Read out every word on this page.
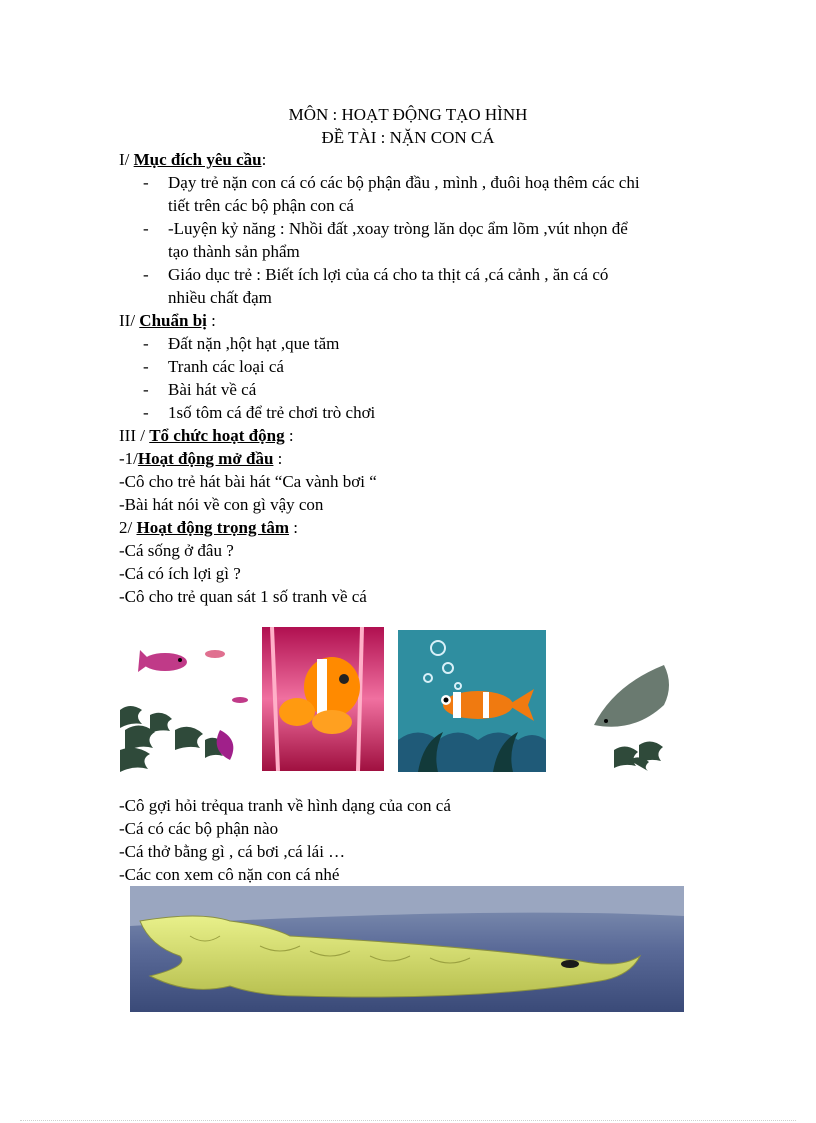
MÔN : HOẠT ĐỘNG TẠO HÌNH
ĐỀ TÀI : NẶN CON CÁ
I/ Mục đích yêu cầu:
- Dạy trẻ nặn con cá có các bộ phận đầu , mình , đuôi hoạ thêm các chi
tiết trên các bộ phận con cá
- -Luyện kỷ năng : Nhồi đất ,xoay tròng lăn dọc ẩm lõm ,vút nhọn để
tạo thành sản phẩm
- Giáo dục trẻ : Biết ích lợi của cá cho ta thịt cá ,cá cảnh , ăn cá có
nhiều chất đạm
II/ Chuẩn bị :
- Đất nặn ,hột hạt ,que tăm
- Tranh các loại cá
- Bài hát về cá
- 1số tôm cá để trẻ chơi trò chơi
III / Tổ chức hoạt động :
-1/Hoạt động mở đầu :
-Cô cho trẻ hát bài hát “Ca vành bơi “
-Bài hát nói về con gì vậy con
2/ Hoạt động trọng tâm :
-Cá sống ở đâu ?
-Cá có ích lợi gì ?
-Cô cho trẻ quan sát 1 số tranh về cá
-Cô gợi hỏi trẻqua tranh về hình dạng của con cá
-Cá có các bộ phận nào
-Cá thở bằng gì , cá bơi ,cá lái …
-Các con xem cô nặn con cá nhé
